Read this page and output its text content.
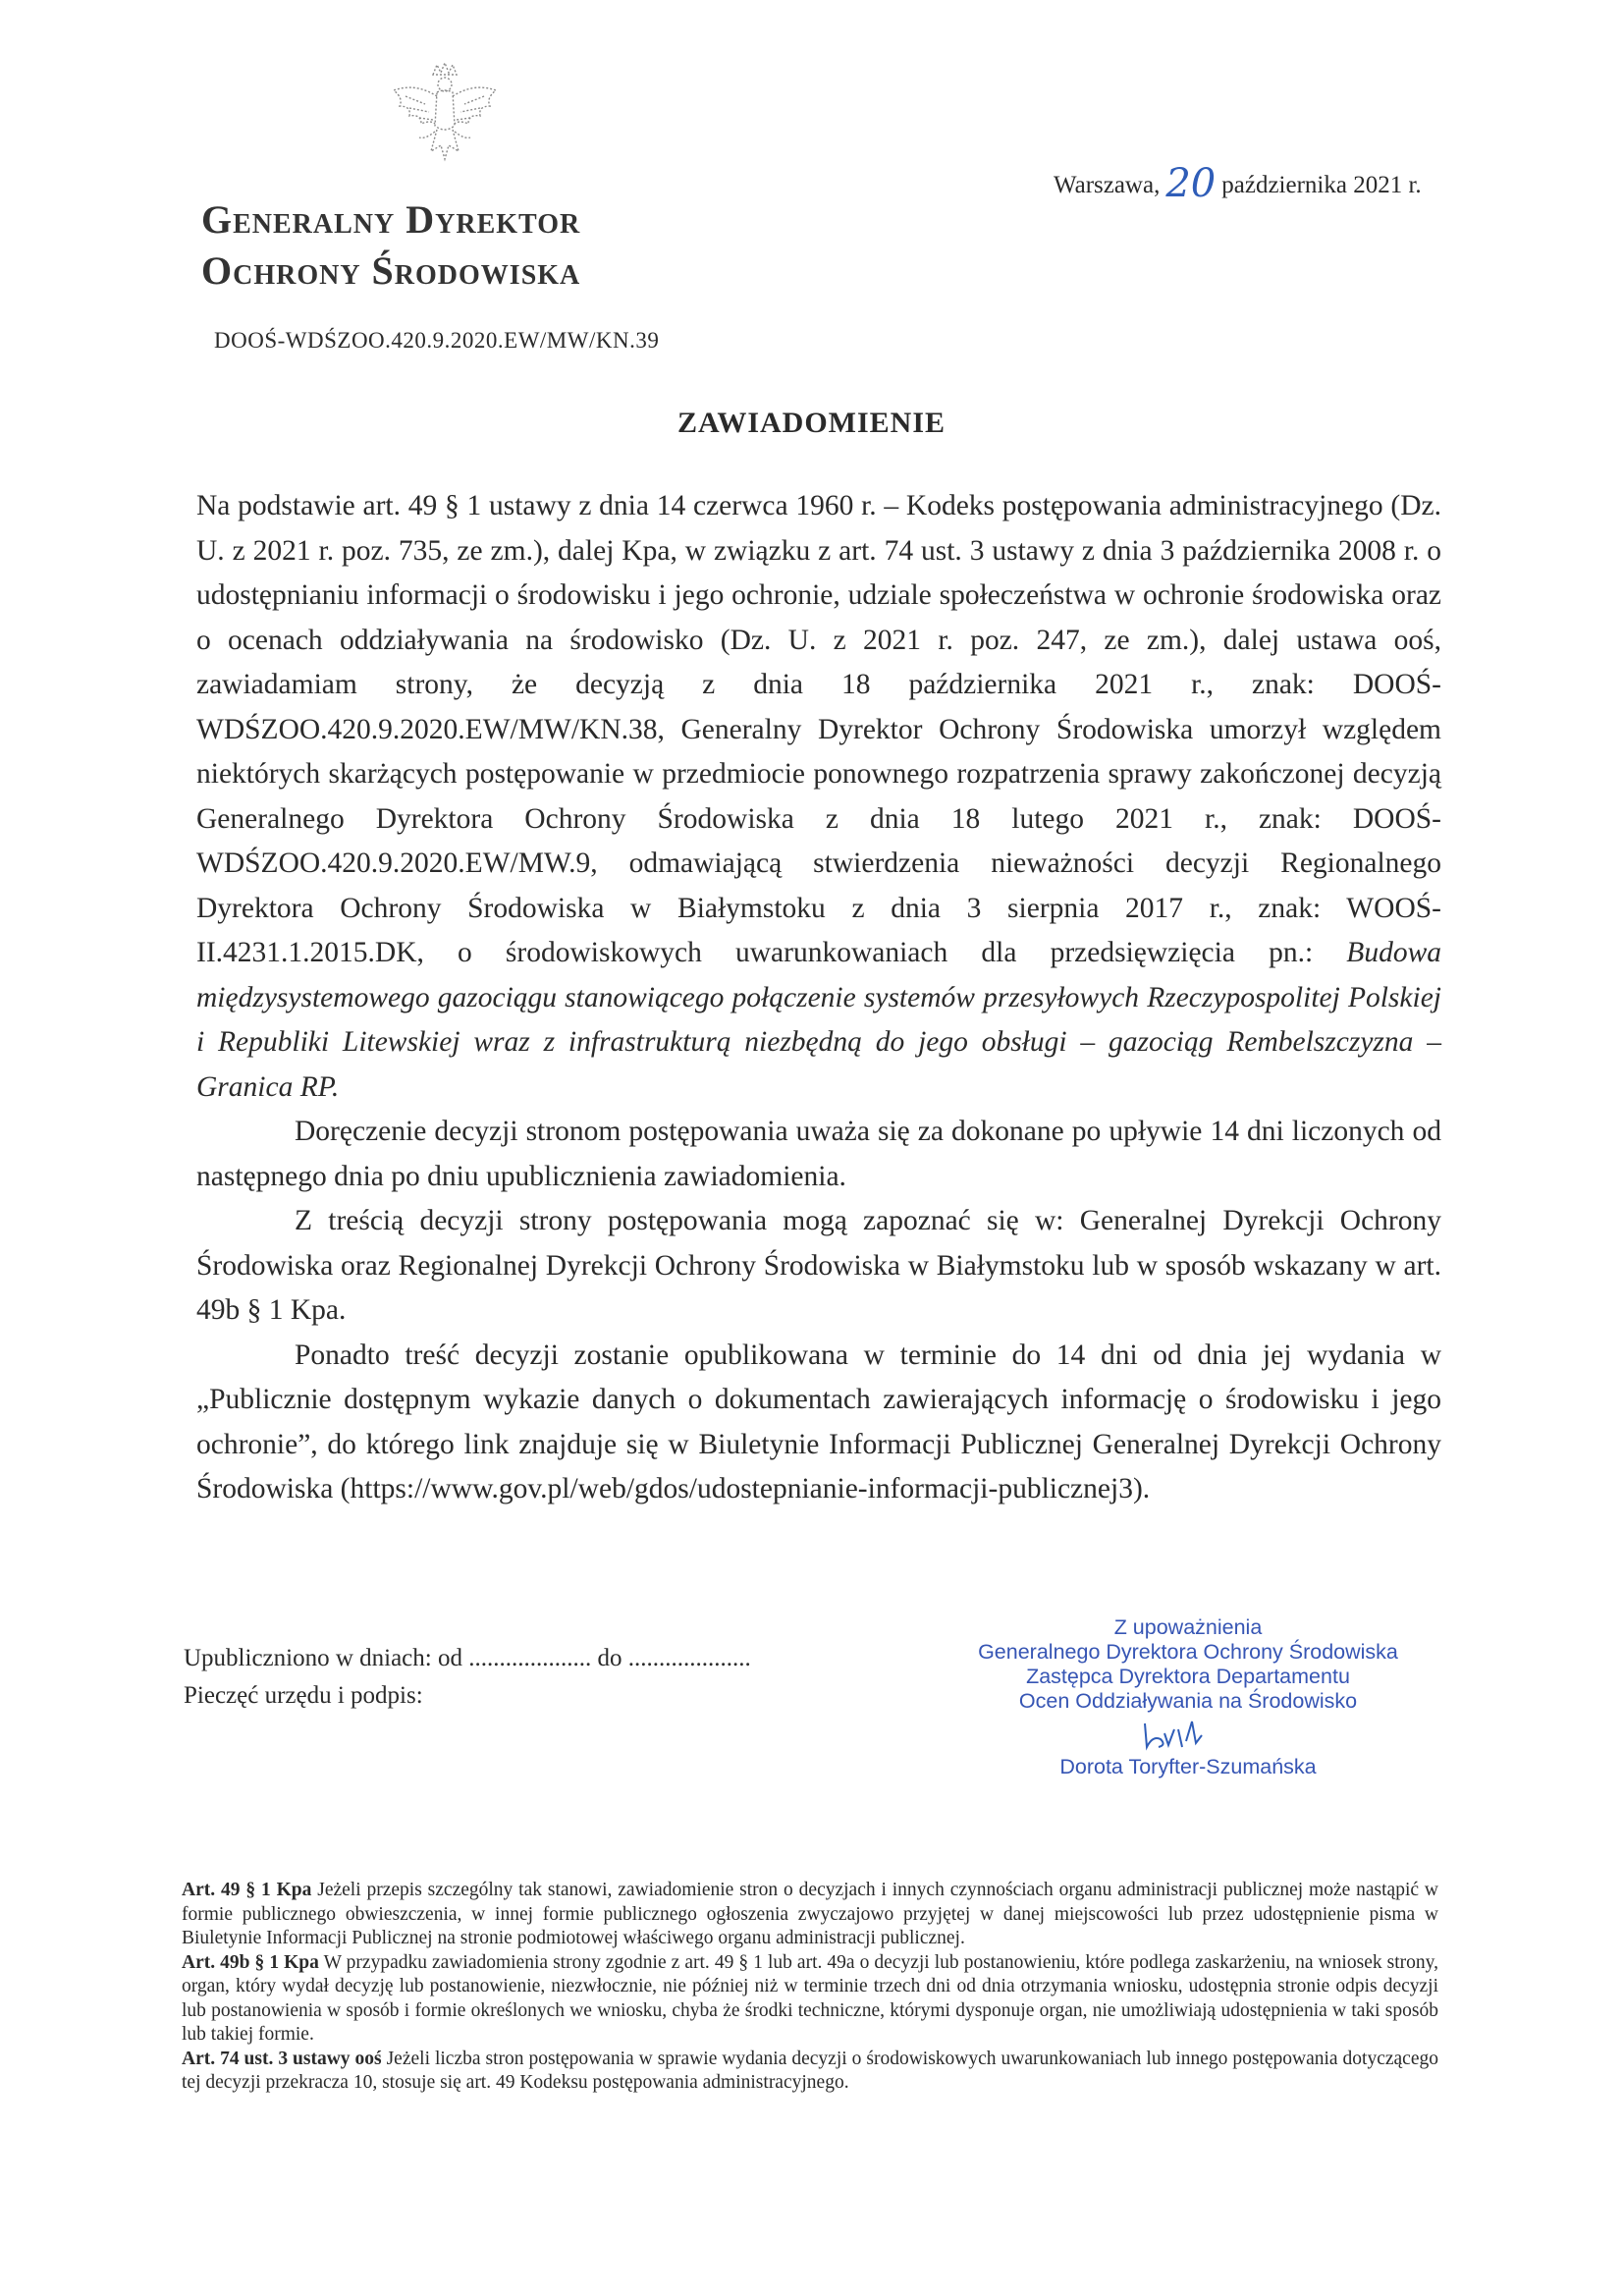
Warszawa, 20 października 2021 r.
Generalny Dyrektor
Ochrony Środowiska
DOOŚ-WDŚZOO.420.9.2020.EW/MW/KN.39
ZAWIADOMIENIE

Na podstawie art. 49 § 1 ustawy z dnia 14 czerwca 1960 r. – Kodeks postępowania administracyjnego (Dz. U. z 2021 r. poz. 735, ze zm.), dalej Kpa, w związku z art. 74 ust. 3 ustawy z dnia 3 października 2008 r. o udostępnianiu informacji o środowisku i jego ochronie, udziale społeczeństwa w ochronie środowiska oraz o ocenach oddziaływania na środowisko (Dz. U. z 2021 r. poz. 247, ze zm.), dalej ustawa ooś, zawiadamiam strony, że decyzją z dnia 18 października 2021 r., znak: DOOŚ-WDŚZOO.420.9.2020.EW/MW/KN.38, Generalny Dyrektor Ochrony Środowiska umorzył względem niektórych skarżących postępowanie w przedmiocie ponownego rozpatrzenia sprawy zakończonej decyzją Generalnego Dyrektora Ochrony Środowiska z dnia 18 lutego 2021 r., znak: DOOŚ-WDŚZOO.420.9.2020.EW/MW.9, odmawiającą stwierdzenia nieważności decyzji Regionalnego Dyrektora Ochrony Środowiska w Białymstoku z dnia 3 sierpnia 2017 r., znak: WOOŚ-II.4231.1.2015.DK, o środowiskowych uwarunkowaniach dla przedsięwzięcia pn.: Budowa międzysystemowego gazociągu stanowiącego połączenie systemów przesyłowych Rzeczypospolitej Polskiej i Republiki Litewskiej wraz z infrastrukturą niezbędną do jego obsługi – gazociąg Rembelszczyzna – Granica RP.

Doręczenie decyzji stronom postępowania uważa się za dokonane po upływie 14 dni liczonych od następnego dnia po dniu upublicznienia zawiadomienia.

Z treścią decyzji strony postępowania mogą zapoznać się w: Generalnej Dyrekcji Ochrony Środowiska oraz Regionalnej Dyrekcji Ochrony Środowiska w Białymstoku lub w sposób wskazany w art. 49b § 1 Kpa.

Ponadto treść decyzji zostanie opublikowana w terminie do 14 dni od dnia jej wydania w „Publicznie dostępnym wykazie danych o dokumentach zawierających informację o środowisku i jego ochronie”, do którego link znajduje się w Biuletynie Informacji Publicznej Generalnej Dyrekcji Ochrony Środowiska (https://www.gov.pl/web/gdos/udostepnianie-informacji-publicznej3).

Upubliczniono w dniach: od .................... do ....................
Pieczęć urzędu i podpis:
Z upoważnienia
Generalnego Dyrektora Ochrony Środowiska
Zastępca Dyrektora Departamentu
Ocen Oddziaływania na Środowisko
Dorota Toryfter-Szumańska

Art. 49 § 1 Kpa Jeżeli przepis szczególny tak stanowi, zawiadomienie stron o decyzjach i innych czynnościach organu administracji publicznej może nastąpić w formie publicznego obwieszczenia, w innej formie publicznego ogłoszenia zwyczajowo przyjętej w danej miejscowości lub przez udostępnienie pisma w Biuletynie Informacji Publicznej na stronie podmiotowej właściwego organu administracji publicznej.

Art. 49b § 1 Kpa W przypadku zawiadomienia strony zgodnie z art. 49 § 1 lub art. 49a o decyzji lub postanowieniu, które podlega zaskarżeniu, na wniosek strony, organ, który wydał decyzję lub postanowienie, niezwłocznie, nie później niż w terminie trzech dni od dnia otrzymania wniosku, udostępnia stronie odpis decyzji lub postanowienia w sposób i formie określonych we wniosku, chyba że środki techniczne, którymi dysponuje organ, nie umożliwiają udostępnienia w taki sposób lub takiej formie.

Art. 74 ust. 3 ustawy ooś Jeżeli liczba stron postępowania w sprawie wydania decyzji o środowiskowych uwarunkowaniach lub innego postępowania dotyczącego tej decyzji przekracza 10, stosuje się art. 49 Kodeksu postępowania administracyjnego.
